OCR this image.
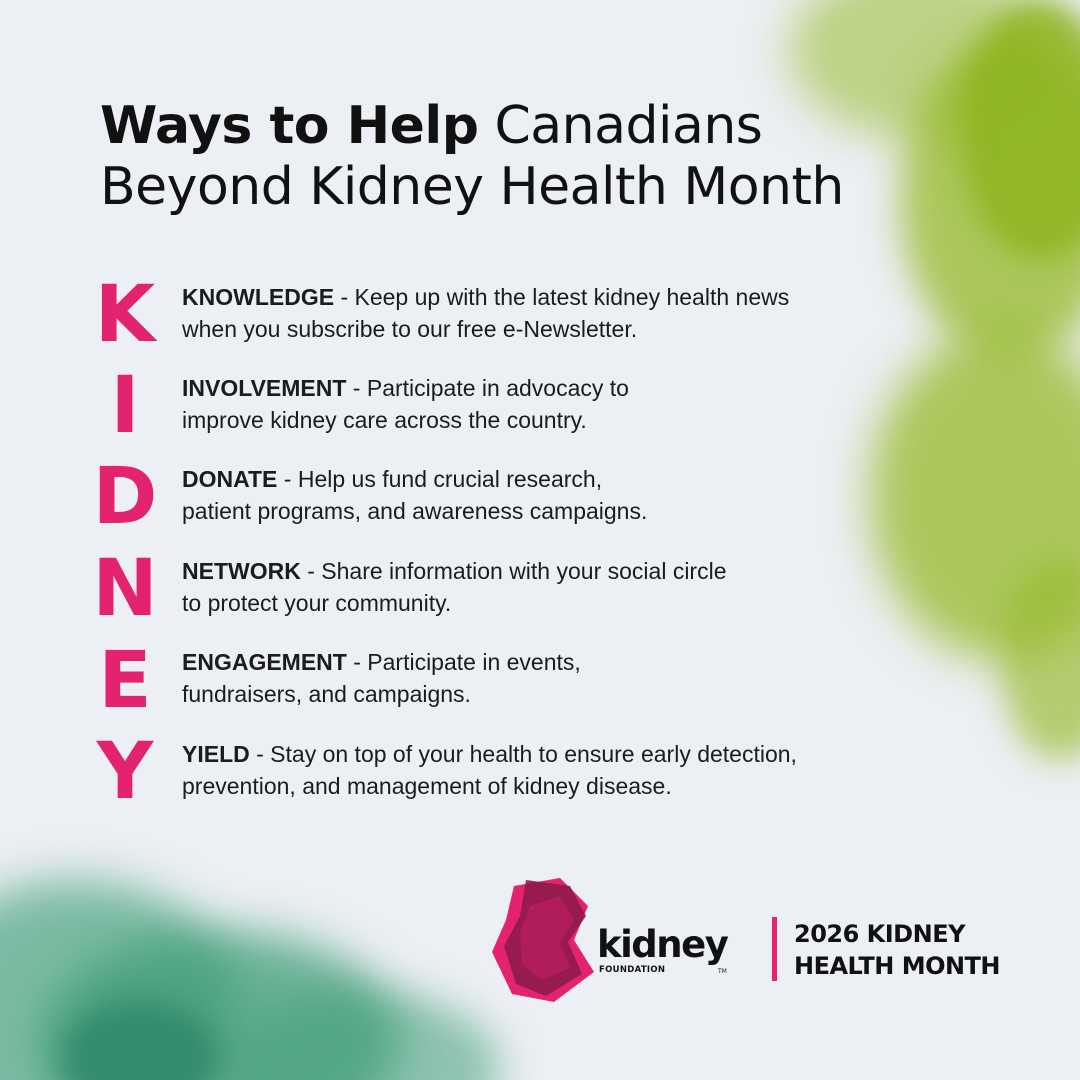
Ways to Help Canadians
Beyond Kidney Health Month
K
I
D
N
E
Y

KNOWLEDGE - Keep up with the latest kidney health news
when you subscribe to our free e-Newsletter.

INVOLVEMENT - Participate in advocacy to
improve kidney care across the country.

DONATE - Help us fund crucial research,
patient programs, and awareness campaigns.

NETWORK - Share information with your social circle
to protect your community.

ENGAGEMENT - Participate in events,
fundraisers, and campaigns.

YIELD - Stay on top of your health to ensure early detection,
prevention, and management of kidney disease.

kidney
FOUNDATION	TM
2026 KIDNEY
HEALTH MONTH
